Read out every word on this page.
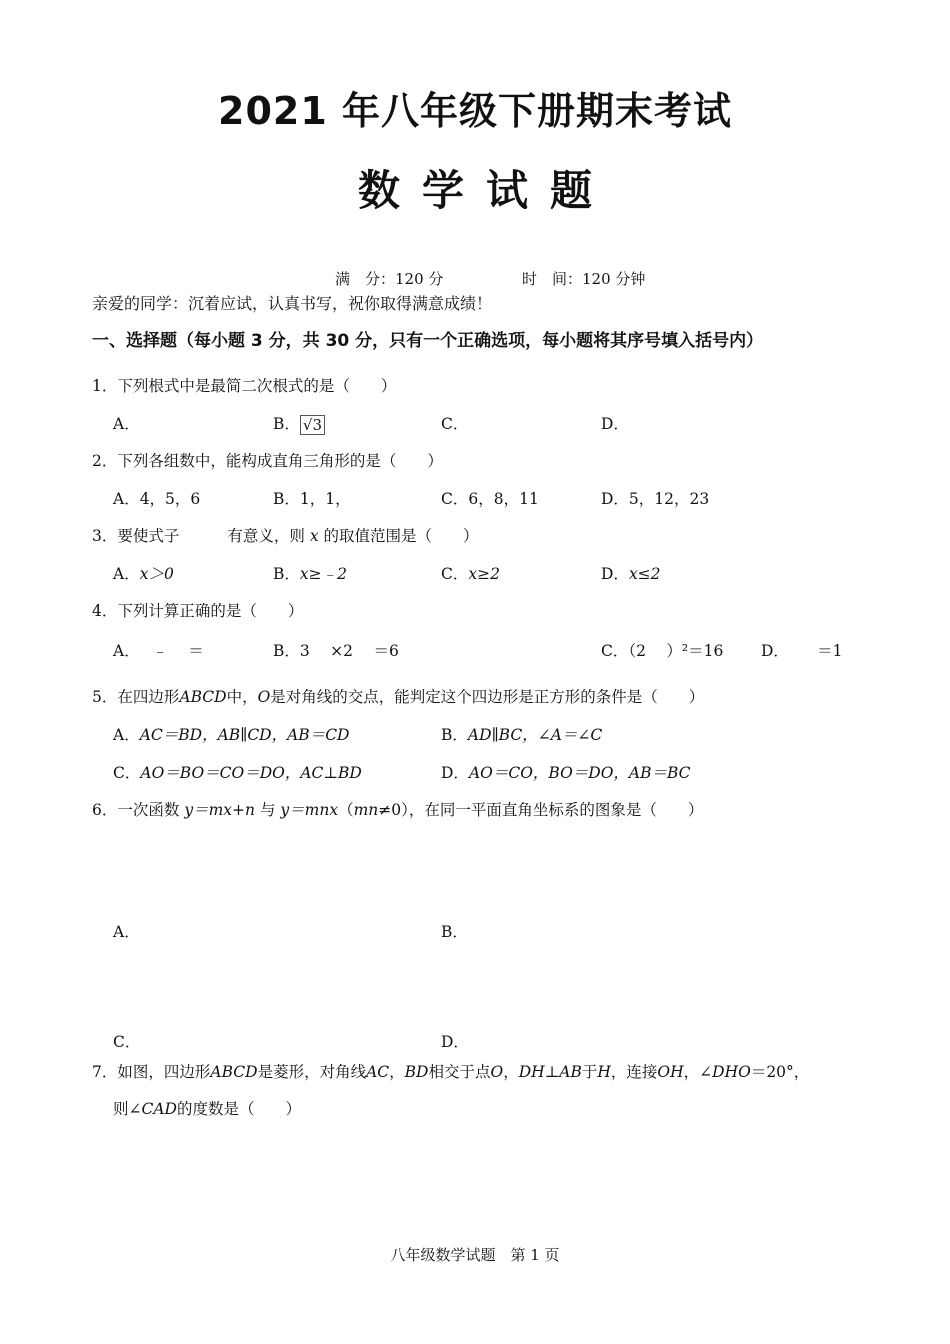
2021 年八年级下册期末考试
数学试题
满　分：120 分	时　间：120 分钟
亲爱的同学：沉着应试，认真书写，祝你取得满意成绩！
一、选择题（每小题 3 分，共 30 分，只有一个正确选项，每小题将其序号填入括号内）
1．下列根式中是最简二次根式的是（　　）
A．	B． √3	C．	D．
2．下列各组数中，能构成直角三角形的是（　　）
A．4，5，6	B．1，1，	C．6，8，11	D．5，12，23
3．要使式子	有意义，则 x 的取值范围是（　　）
A．x＞0	B．x≥﹣2	C．x≥2	D．x≤2
4．下列计算正确的是（　　）
A．　 ﹣　 ＝	B．3　 ×2　 ＝6	C．（2　 ）²＝16 D．　　 ＝1
5．在四边形ABCD中，O是对角线的交点，能判定这个四边形是正方形的条件是（　　）
A．AC＝BD，AB∥CD，AB＝CD	B．AD∥BC，∠A＝∠C
C．AO＝BO＝CO＝DO，AC⊥BD	D．AO＝CO，BO＝DO，AB＝BC
6．一次函数 y＝mx+n 与 y＝mnx（mn≠0），在同一平面直角坐标系的图象是（　　）
A．	B．
C．	D．
7．如图，四边形ABCD是菱形，对角线AC，BD相交于点O，DH⊥AB于H，连接OH，∠DHO＝20°，
则∠CAD的度数是（　　）
八年级数学试题　第 1 页
